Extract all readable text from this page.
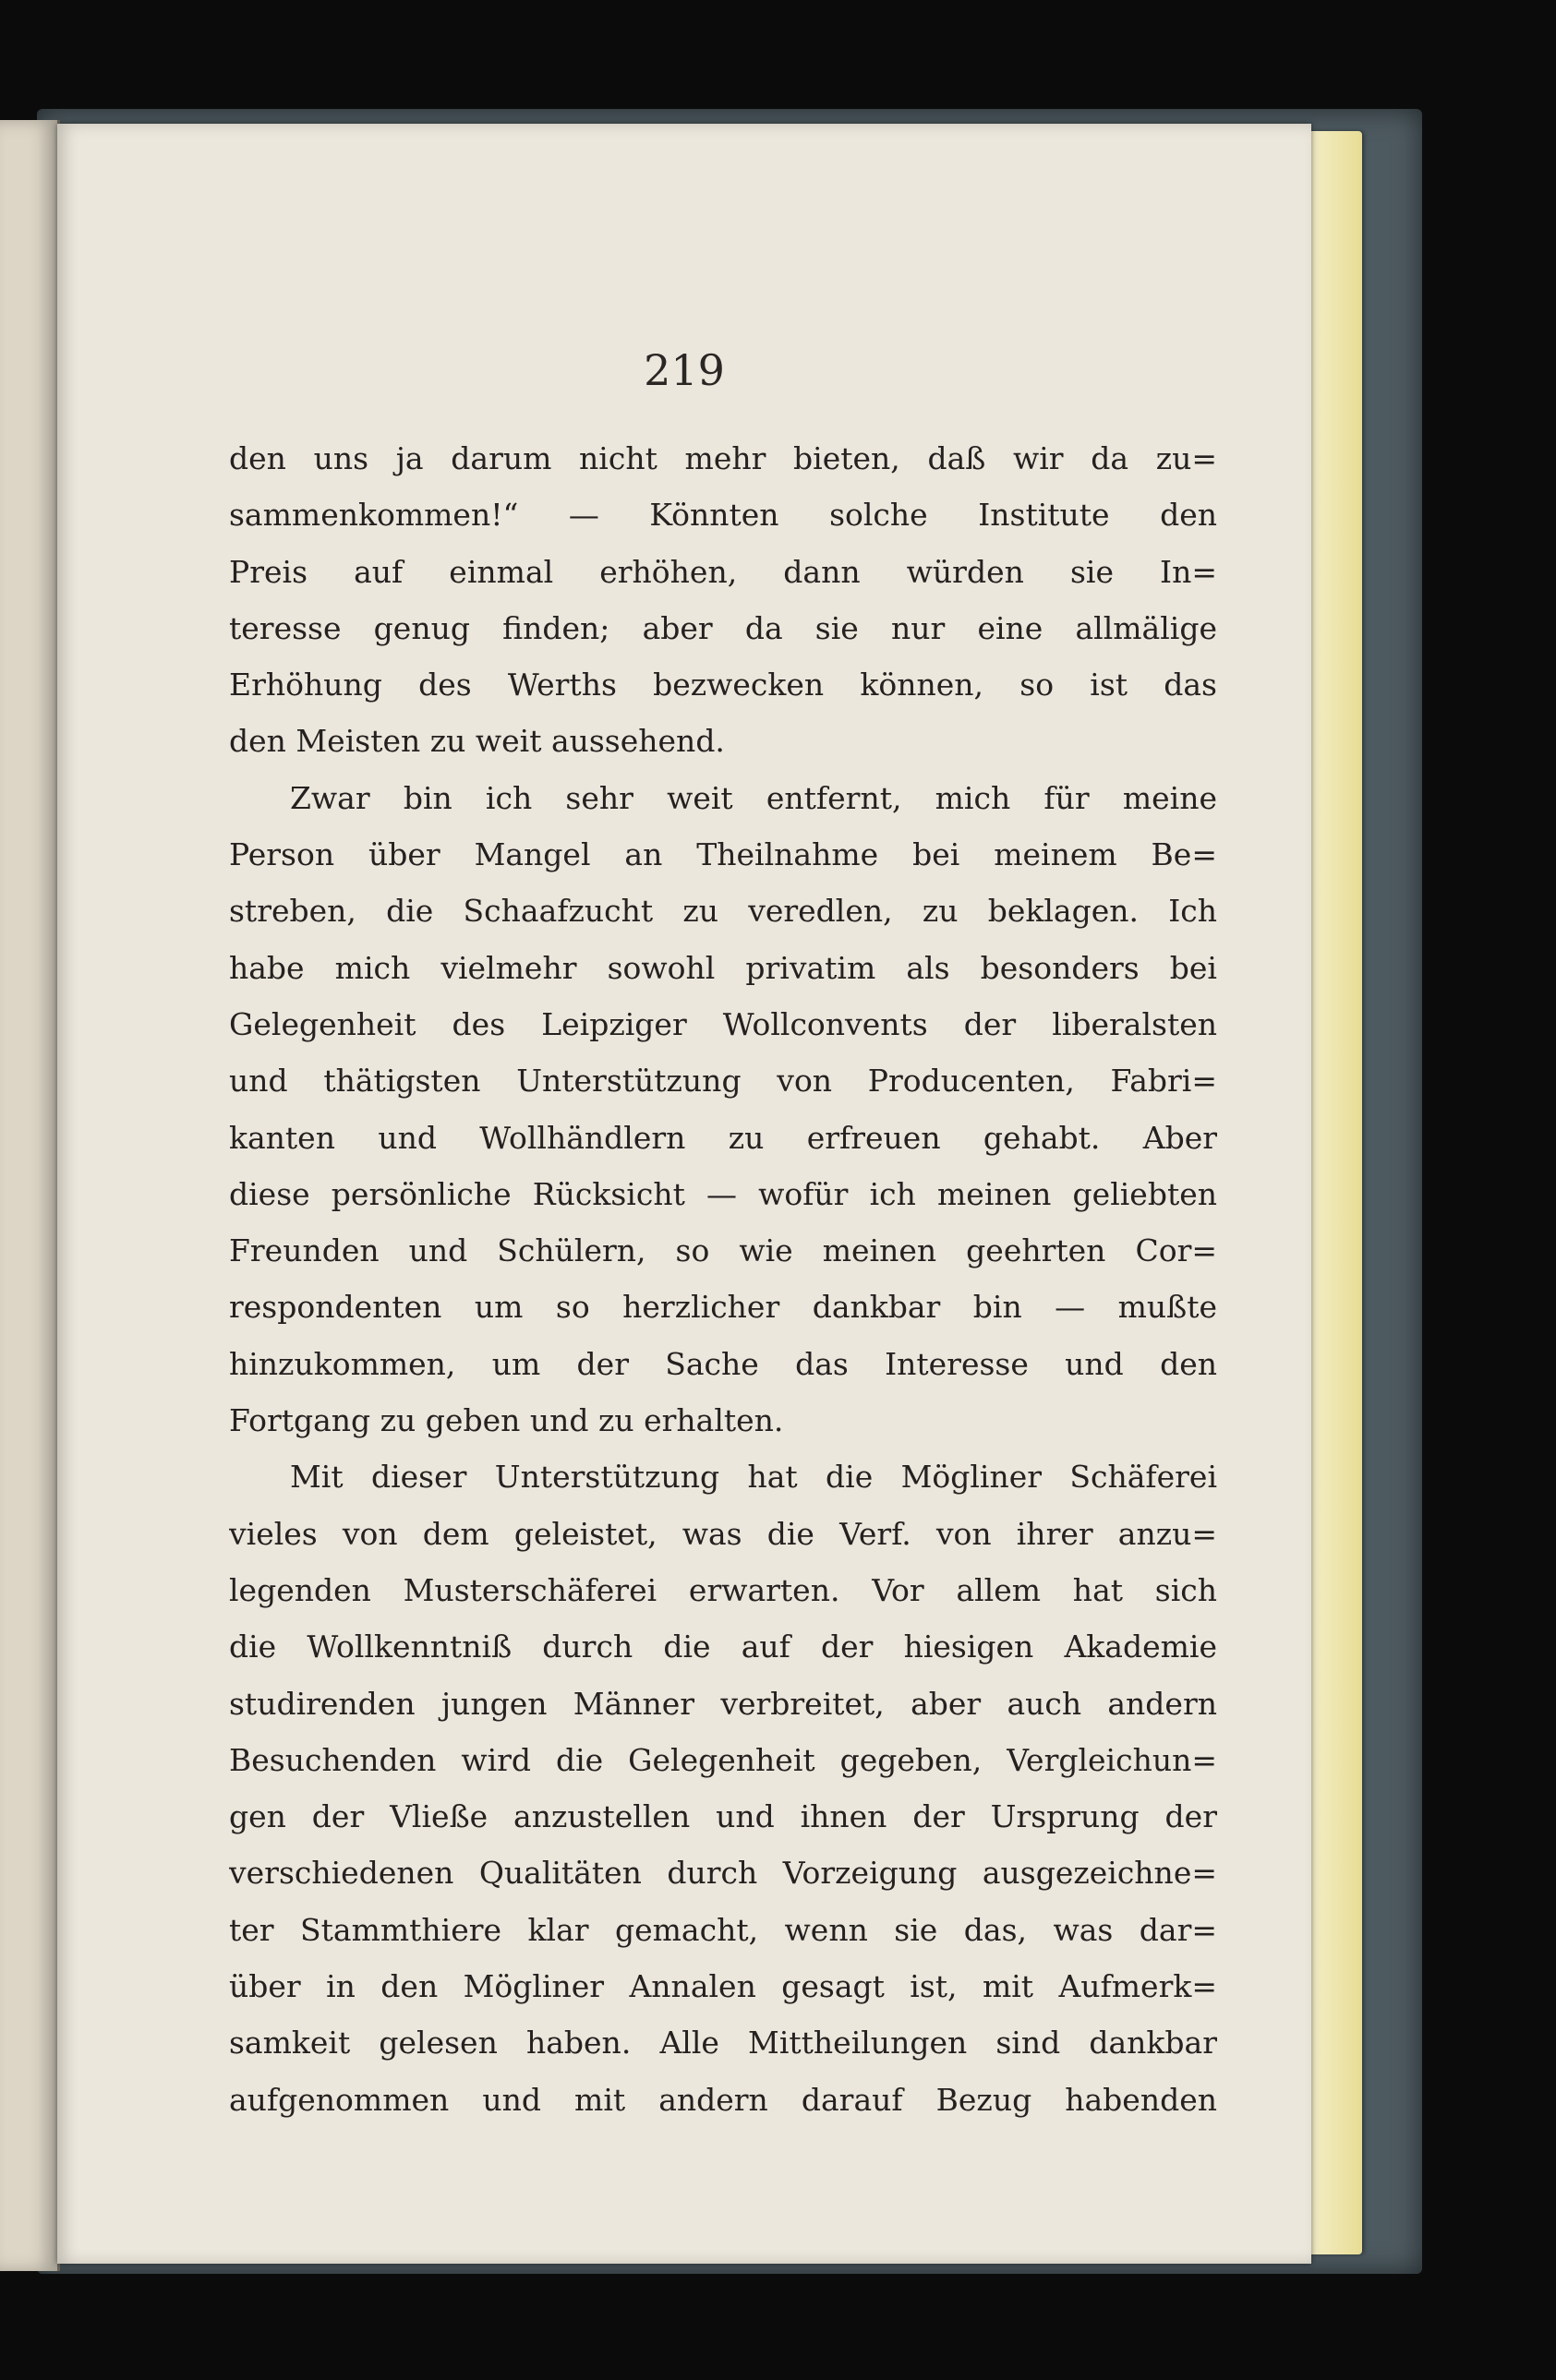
219

den uns ja darum nicht mehr bieten, daß wir da zu=
sammenkommen!“ — Könnten solche Institute den
Preis auf einmal erhöhen, dann würden sie In=
teresse genug finden; aber da sie nur eine allmälige
Erhöhung des Werths bezwecken können, so ist das
den Meisten zu weit aussehend.
Zwar bin ich sehr weit entfernt, mich für meine
Person über Mangel an Theilnahme bei meinem Be=
streben, die Schaafzucht zu veredlen, zu beklagen. Ich
habe mich vielmehr sowohl privatim als besonders bei
Gelegenheit des Leipziger Wollconvents der liberalsten
und thätigsten Unterstützung von Producenten, Fabri=
kanten und Wollhändlern zu erfreuen gehabt. Aber
diese persönliche Rücksicht — wofür ich meinen geliebten
Freunden und Schülern, so wie meinen geehrten Cor=
respondenten um so herzlicher dankbar bin — mußte
hinzukommen, um der Sache das Interesse und den
Fortgang zu geben und zu erhalten.
Mit dieser Unterstützung hat die Mögliner Schäferei
vieles von dem geleistet, was die Verf. von ihrer anzu=
legenden Musterschäferei erwarten. Vor allem hat sich
die Wollkenntniß durch die auf der hiesigen Akademie
studirenden jungen Männer verbreitet, aber auch andern
Besuchenden wird die Gelegenheit gegeben, Vergleichun=
gen der Vließe anzustellen und ihnen der Ursprung der
verschiedenen Qualitäten durch Vorzeigung ausgezeichne=
ter Stammthiere klar gemacht, wenn sie das, was dar=
über in den Mögliner Annalen gesagt ist, mit Aufmerk=
samkeit gelesen haben. Alle Mittheilungen sind dankbar
aufgenommen und mit andern darauf Bezug habenden
